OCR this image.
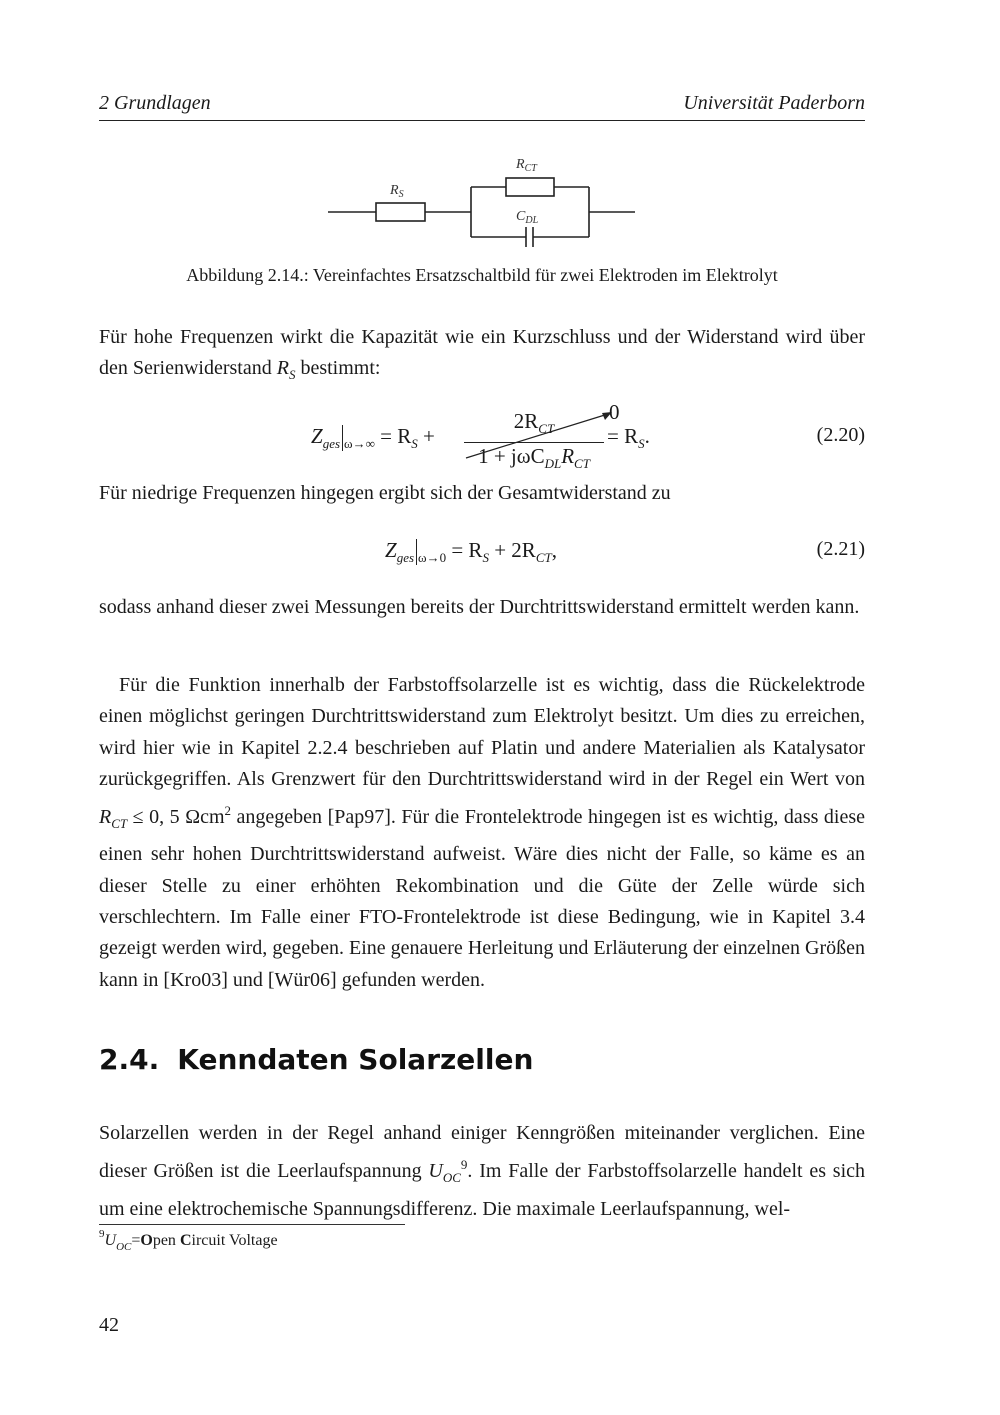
2 Grundlagen	Universität Paderborn
$R_S$
$R_{CT}$
$C_{DL}$
Abbildung 2.14.: Vereinfachtes Ersatzschaltbild für zwei Elektroden im Elektrolyt

Für hohe Frequenzen wirkt die Kapazität wie ein Kurzschluss und der Widerstand wird über den Serienwiderstand $R_S$ bestimmt:

$Z_{ges}$ $_{\omega\to\infty} = R_S$ +
$2R_{CT}$
$1 + j\omega C_{DL}R_{CT}$
0
= $R_S$.	(2.20)

Für niedrige Frequenzen hingegen ergibt sich der Gesamtwiderstand zu

$Z_{ges}$ $_{\omega\to 0} = R_S + 2R_{CT}$,	(2.21)

sodass anhand dieser zwei Messungen bereits der Durchtrittswiderstand ermittelt werden kann.

Für die Funktion innerhalb der Farbstoffsolarzelle ist es wichtig, dass die Rückelektrode einen möglichst geringen Durchtrittswiderstand zum Elektrolyt besitzt. Um dies zu erreichen, wird hier wie in Kapitel 2.2.4 beschrieben auf Platin und andere Materialien als Katalysator zurückgegriffen. Als Grenzwert für den Durchtrittswiderstand wird in der Regel ein Wert von $R_{CT} \le 0$, 5 Ωcm$^2$ angegeben [Pap97]. Für die Frontelektrode hingegen ist es wichtig, dass diese einen sehr hohen Durchtrittswiderstand aufweist. Wäre dies nicht der Falle, so käme es an dieser Stelle zu einer erhöhten Rekombination und die Güte der Zelle würde sich verschlechtern. Im Falle einer FTO-Frontelektrode ist diese Bedingung, wie in Kapitel 3.4 gezeigt werden wird, gegeben. Eine genauere Herleitung und Erläuterung der einzelnen Größen kann in [Kro03] und [Wür06] gefunden werden.

2.4. Kenndaten Solarzellen

Solarzellen werden in der Regel anhand einiger Kenngrößen miteinander verglichen. Eine dieser Größen ist die Leerlaufspannung $U_{OC}^9$. Im Falle der Farbstoffsolarzelle handelt es sich um eine elektrochemische Spannungsdifferenz. Die maximale Leerlaufspannung, wel-

$^9U_{OC}=Open$ Circuit Voltage
42
